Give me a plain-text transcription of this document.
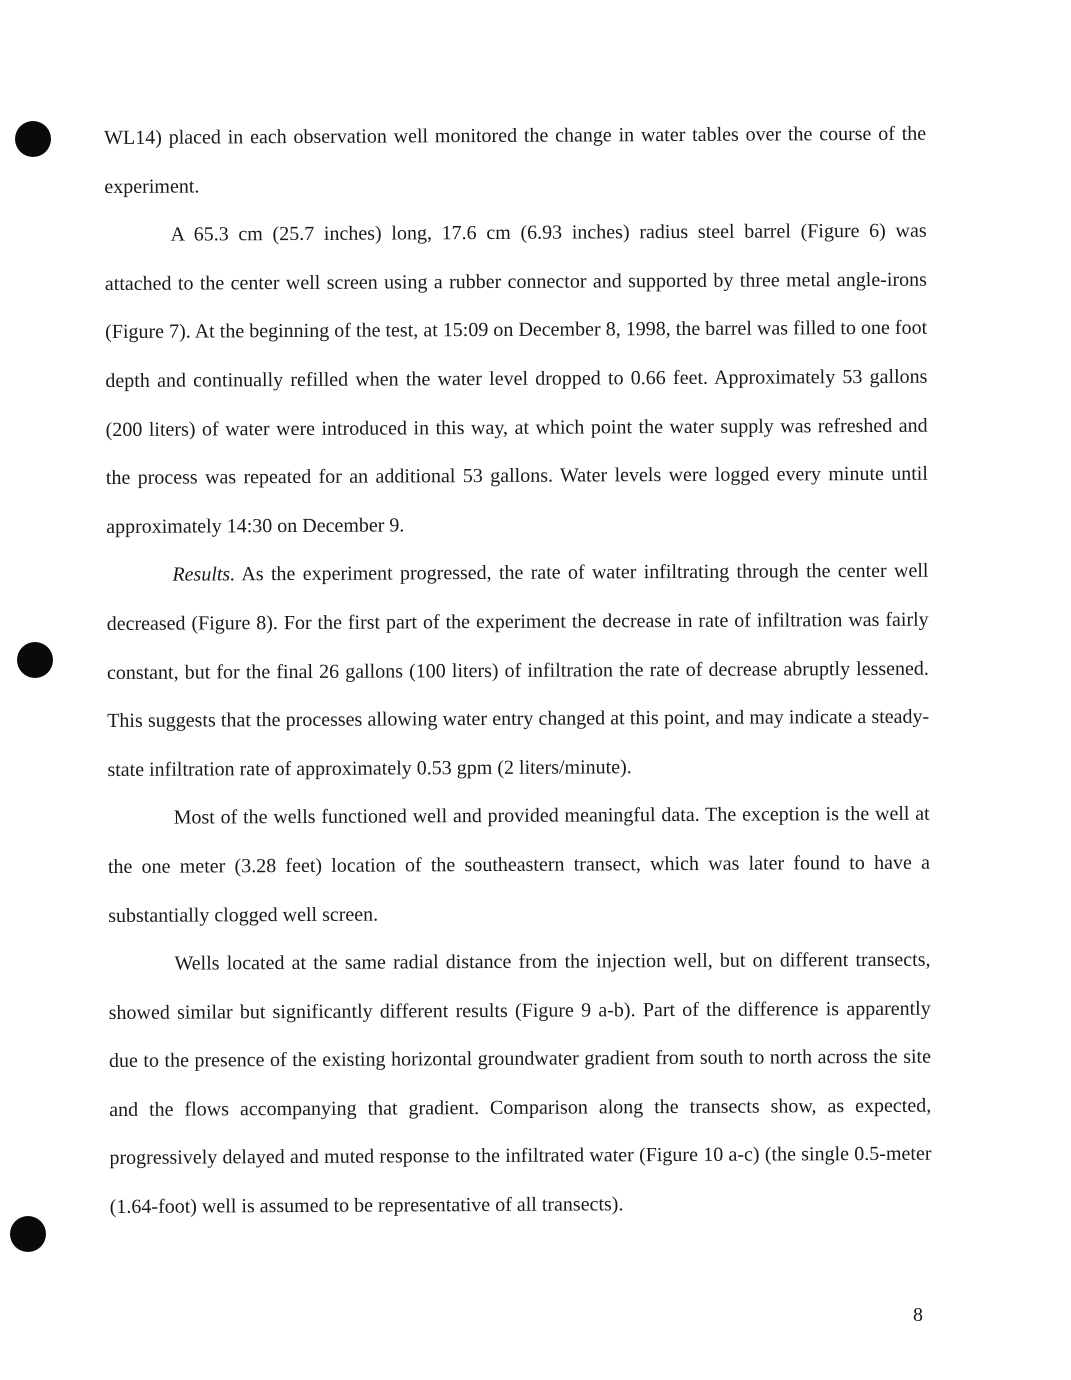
WL14) placed in each observation well monitored the change in water tables over the course of the experiment.

A 65.3 cm (25.7 inches) long, 17.6 cm (6.93 inches) radius steel barrel (Figure 6) was attached to the center well screen using a rubber connector and supported by three metal angle-irons (Figure 7). At the beginning of the test, at 15:09 on December 8, 1998, the barrel was filled to one foot depth and continually refilled when the water level dropped to 0.66 feet. Approximately 53 gallons (200 liters) of water were introduced in this way, at which point the water supply was refreshed and the process was repeated for an additional 53 gallons. Water levels were logged every minute until approximately 14:30 on December 9.

Results. As the experiment progressed, the rate of water infiltrating through the center well decreased (Figure 8). For the first part of the experiment the decrease in rate of infiltration was fairly constant, but for the final 26 gallons (100 liters) of infiltration the rate of decrease abruptly lessened. This suggests that the processes allowing water entry changed at this point, and may indicate a steady-state infiltration rate of approximately 0.53 gpm (2 liters/minute).

Most of the wells functioned well and provided meaningful data. The exception is the well at the one meter (3.28 feet) location of the southeastern transect, which was later found to have a substantially clogged well screen.

Wells located at the same radial distance from the injection well, but on different transects, showed similar but significantly different results (Figure 9 a-b). Part of the difference is apparently due to the presence of the existing horizontal groundwater gradient from south to north across the site and the flows accompanying that gradient. Comparison along the transects show, as expected, progressively delayed and muted response to the infiltrated water (Figure 10 a-c) (the single 0.5-meter (1.64-foot) well is assumed to be representative of all transects).

8
